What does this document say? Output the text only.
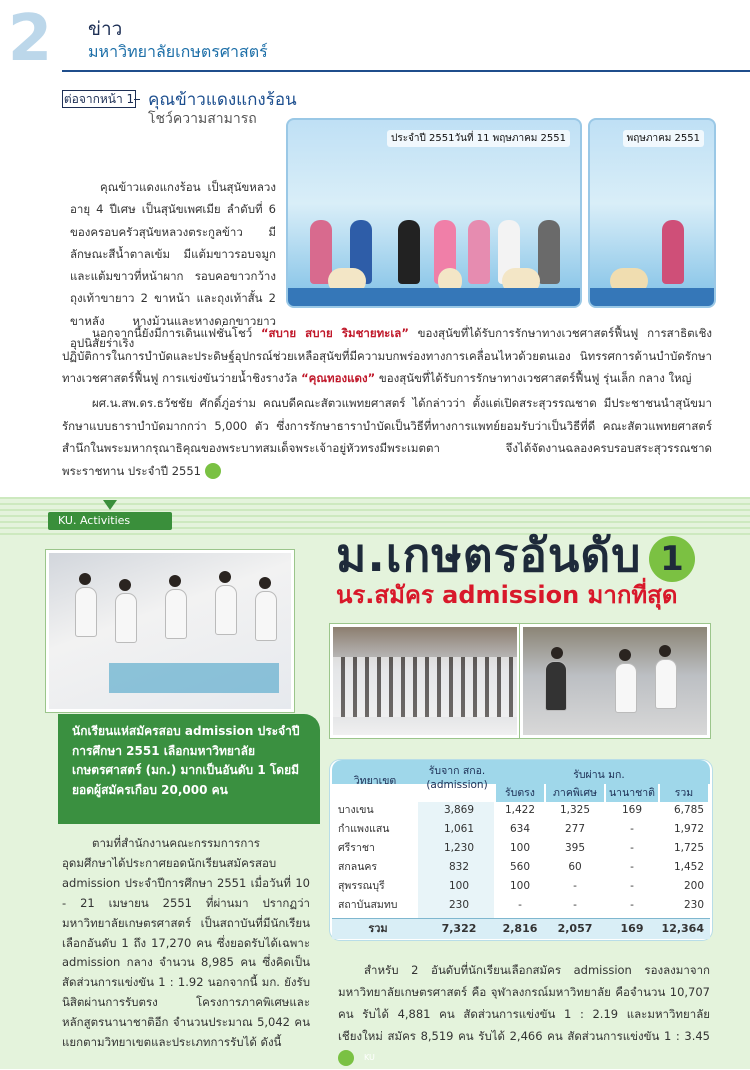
2	ข่าว
มหาวิทยาลัยเกษตรศาสตร์
ต่อจากหน้า 1 คุณข้าวแดงแกงร้อน
โชว์ความสามารถ
ประจำปี 2551วันที่ 11 พฤษภาคม 2551	พฤษภาคม 2551
คุณข้าวแดงแกงร้อน เป็นสุนัขหลวง อายุ 4 ปีเศษ เป็นสุนัขเพศเมีย ลำดับที่ 6 ของครอบครัวสุนัขหลวงตระกูลข้าว มีลักษณะสีน้ำตาลเข้ม มีแต้มขาวรอบจมูก และแต้มขาวที่หน้าผาก รอบคอขาวกว้าง ถุงเท้าขายาว 2 ขาหน้า และถุงเท้าสั้น 2 ขาหลัง หางม้วนและหางดอกขาวยาว อุปนิสัยร่าเริง
นอกจากนี้ยังมีการเดินแฟชั่นโชว์ “สบาย สบาย ริมชายทะเล” ของสุนัขที่ได้รับการรักษาทางเวชศาสตร์ฟื้นฟู การสาธิตเชิงปฏิบัติการในการบำบัดและประดิษฐ์อุปกรณ์ช่วยเหลือสุนัขที่มีความบกพร่องทางการเคลื่อนไหวด้วยตนเอง นิทรรศการด้านบำบัดรักษาทางเวชศาสตร์ฟื้นฟู การแข่งขันว่ายน้ำชิงรางวัล “คุณทองแดง” ของสุนัขที่ได้รับการรักษาทางเวชศาสตร์ฟื้นฟู รุ่นเล็ก กลาง ใหญ่
ผศ.น.สพ.ดร.ธวัชชัย ศักดิ์ภู่อร่าม คณบดีคณะสัตวแพทยศาสตร์ ได้กล่าวว่า ตั้งแต่เปิดสระสุวรรณชาด มีประชาชนนำสุนัขมารักษาแบบธาราบำบัดมากกว่า 5,000 ตัว ซึ่งการรักษาธาราบำบัดเป็นวิธีที่ทางการแพทย์ยอมรับว่าเป็นวิธีที่ดี คณะสัตวแพทยศาสตร์ สำนึกในพระมหากรุณาธิคุณของพระบาทสมเด็จพระเจ้าอยู่หัวทรงมีพระเมตตา จึงได้จัดงานฉลองครบรอบสระสุวรรณชาดพระราชทาน ประจำปี 2551	KU
KU. Activities
ม.เกษตรอันดับ 1
นร.สมัคร admission มากที่สุด
นักเรียนแห่สมัครสอบ admission ประจำปีการศึกษา 2551 เลือกมหาวิทยาลัยเกษตรศาสตร์ (มก.) มากเป็นอันดับ 1 โดยมียอดผู้สมัครเกือบ 20,000 คน
ตามที่สำนักงานคณะกรรมการการอุดมศึกษาได้ประกาศยอดนักเรียนสมัครสอบ admission ประจำปีการศึกษา 2551 เมื่อวันที่ 10 - 21 เมษายน 2551 ที่ผ่านมา ปรากฏว่า มหาวิทยาลัยเกษตรศาสตร์ เป็นสถาบันที่มีนักเรียนเลือกอันดับ 1 ถึง 17,270 คน ซึ่งยอดรับได้เฉพาะ admission กลาง จำนวน 8,985 คน ซึ่งคิดเป็นสัดส่วนการแข่งขัน 1 : 1.92 นอกจากนี้ มก. ยังรับนิสิตผ่านการรับตรง โครงการภาคพิเศษและหลักสูตรนานาชาติอีก จำนวนประมาณ 5,042 คน แยกตามวิทยาเขตและประเภทการรับได้ ดังนี้
วิทยาเขต
รับจาก สกอ. (admission)
รับผ่าน มก.
รับตรง	ภาคพิเศษ	นานาชาติ	รวม
บางเขน	3,869	1,422	1,325	169	6,785
กำแพงแสน	1,061	634	277	-	1,972
ศรีราชา	1,230	100	395	-	1,725
สกลนคร	832	560	60	-	1,452
สุพรรณบุรี	100	100	-	-	200
สถาบันสมทบ	230	-	-	-	230
รวม	7,322	2,816	2,057	169	12,364
สำหรับ 2 อันดับที่นักเรียนเลือกสมัคร admission รองลงมาจากมหาวิทยาลัยเกษตรศาสตร์ คือ จุฬาลงกรณ์มหาวิทยาลัย คือจำนวน 10,707 คน รับได้ 4,881 คน สัดส่วนการแข่งขัน 1 : 2.19 และมหาวิทยาลัยเชียงใหม่ สมัคร 8,519 คน รับได้ 2,466 คน สัดส่วนการแข่งขัน 1 : 3.45 KU
